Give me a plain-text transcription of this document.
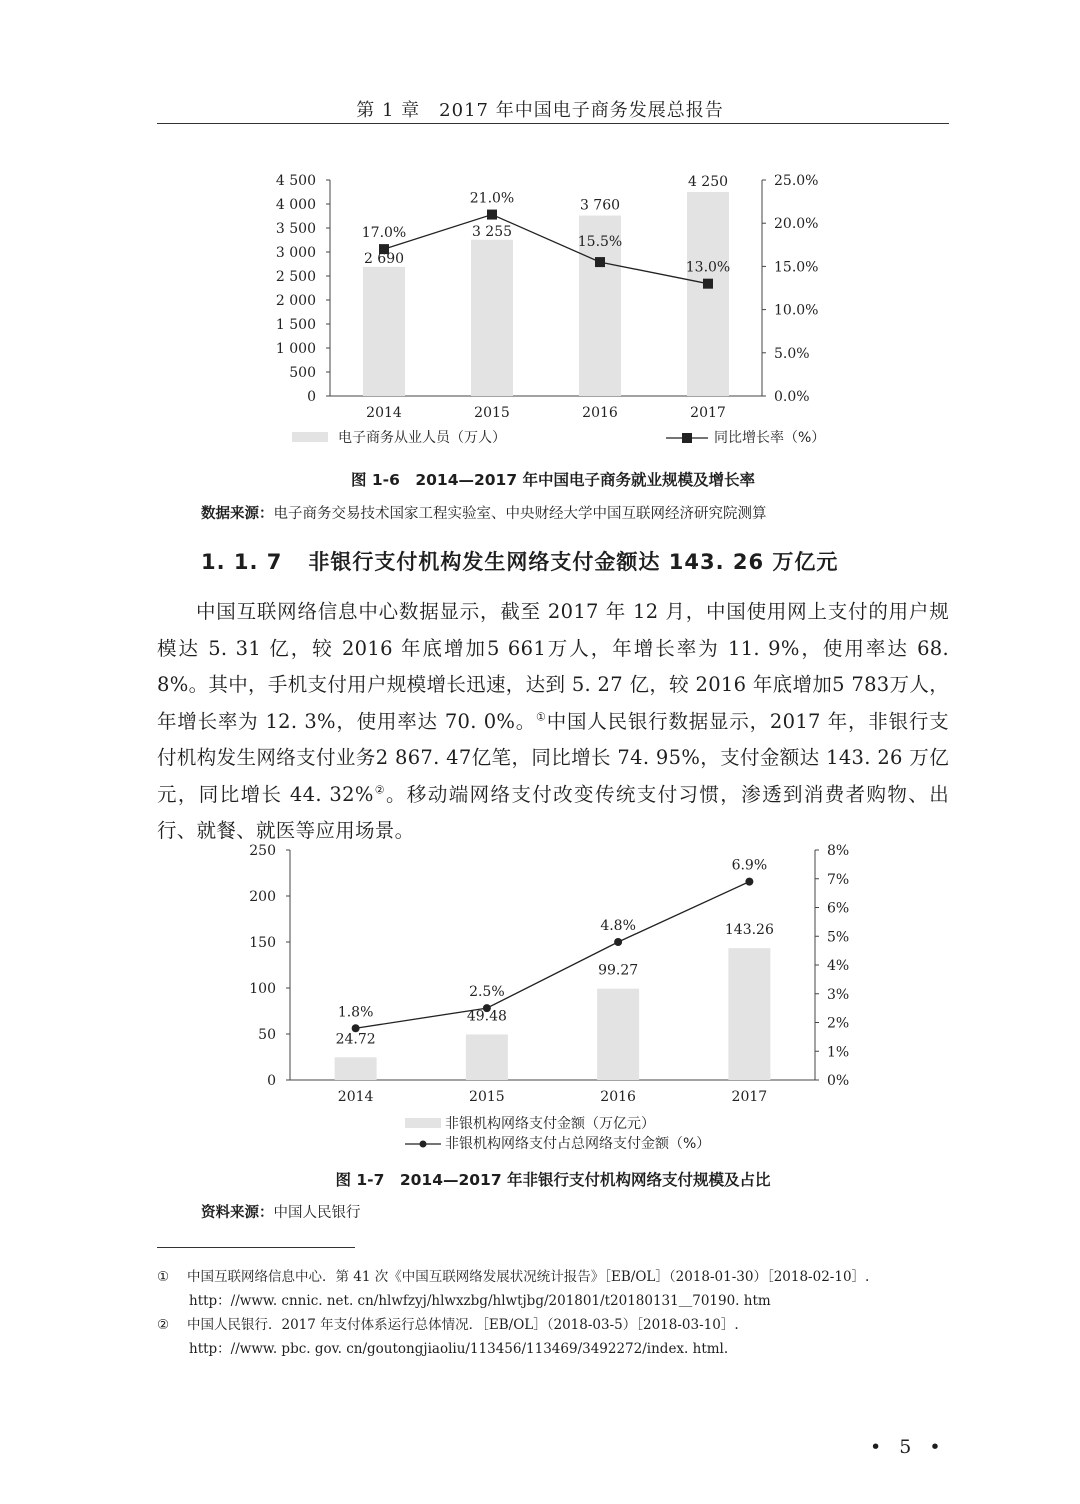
第 1 章　2017 年中国电子商务发展总报告
0
500
1 000
1 500
2 000
2 500
3 000
3 500
4 000
4 500
0.0%
5.0%
10.0%
15.0%
20.0%
25.0%
2014	2015	2016	2017
2 690
3 255
3 760
4 250
17.0%
21.0%
15.5%
13.0%
电子商务从业人员（万人）	同比增长率（%）
图 1-6　2014—2017 年中国电子商务就业规模及增长率
数据来源：电子商务交易技术国家工程实验室、中央财经大学中国互联网经济研究院测算
1. 1. 7 非银行支付机构发生网络支付金额达 143. 26 万亿元
中国互联网络信息中心数据显示，截至 2017 年 12 月，中国使用网上支付的用户规模达 5. 31 亿，较 2016 年底增加5 661万人，年增长率为 11. 9%，使用率达 68. 8%。其中，手机支付用户规模增长迅速，达到 5. 27 亿，较 2016 年底增加5 783万人，年增长率为 12. 3%，使用率达 70. 0%。①中国人民银行数据显示，2017 年，非银行支付机构发生网络支付业务2 867. 47亿笔，同比增长 74. 95%，支付金额达 143. 26 万亿元，同比增长 44. 32%②。移动端网络支付改变传统支付习惯，渗透到消费者购物、出行、就餐、就医等应用场景。
0
50
100
150
200
250
0%
1%
2%
3%
4%
5%
6%
7%
8%
2014	2015	2016	2017
24.72
49.48
99.27
143.26
1.8%
2.5%
4.8%
6.9%
非银机构网络支付金额（万亿元）
非银机构网络支付占总网络支付金额（%）
图 1-7　2014—2017 年非银行支付机构网络支付规模及占比
资料来源：中国人民银行
① 中国互联网络信息中心．第 41 次《中国互联网络发展状况统计报告》［EB/OL］（2018-01-30）［2018-02-10］.
http：//www. cnnic. net. cn/hlwfzyj/hlwxzbg/hlwtjbg/201801/t20180131＿70190. htm
② 中国人民银行．2017 年支付体系运行总体情况．［EB/OL］（2018-03-5）［2018-03-10］.
http：//www. pbc. gov. cn/goutongjiaoliu/113456/113469/3492272/index. html.
• 5 •
